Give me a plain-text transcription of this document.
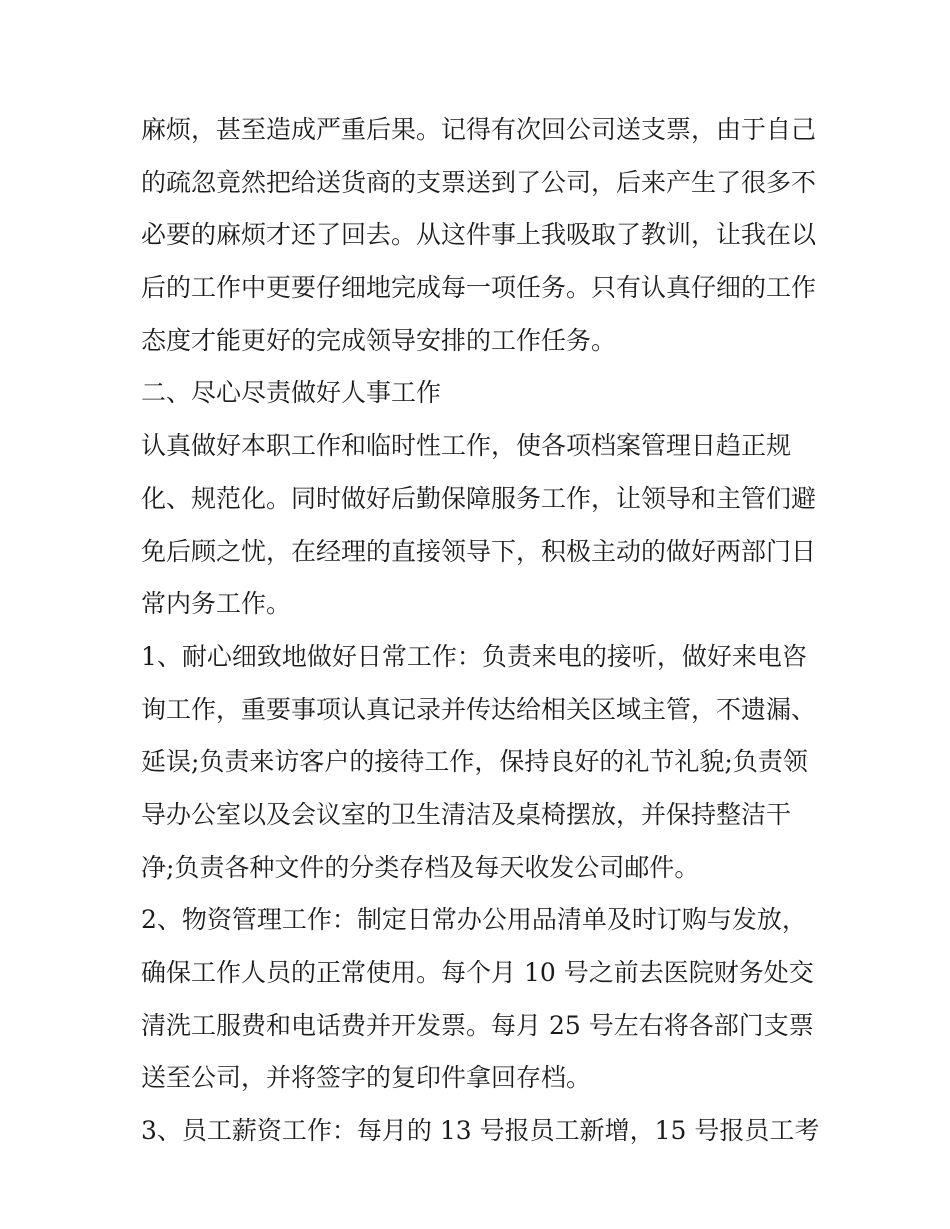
麻烦，甚至造成严重后果。记得有次回公司送支票，由于自己
的疏忽竟然把给送货商的支票送到了公司，后来产生了很多不
必要的麻烦才还了回去。从这件事上我吸取了教训，让我在以
后的工作中更要仔细地完成每一项任务。只有认真仔细的工作
态度才能更好的完成领导安排的工作任务。
二、尽心尽责做好人事工作
认真做好本职工作和临时性工作，使各项档案管理日趋正规
化、规范化。同时做好后勤保障服务工作，让领导和主管们避
免后顾之忧，在经理的直接领导下，积极主动的做好两部门日
常内务工作。
1、耐心细致地做好日常工作：负责来电的接听，做好来电咨
询工作，重要事项认真记录并传达给相关区域主管，不遗漏、
延误;负责来访客户的接待工作，保持良好的礼节礼貌;负责领
导办公室以及会议室的卫生清洁及桌椅摆放，并保持整洁干
净;负责各种文件的分类存档及每天收发公司邮件。
2、物资管理工作：制定日常办公用品清单及时订购与发放，
确保工作人员的正常使用。每个月 10 号之前去医院财务处交
清洗工服费和电话费并开发票。每月 25 号左右将各部门支票
送至公司，并将签字的复印件拿回存档。
3、员工薪资工作：每月的 13 号报员工新增，15 号报员工考
